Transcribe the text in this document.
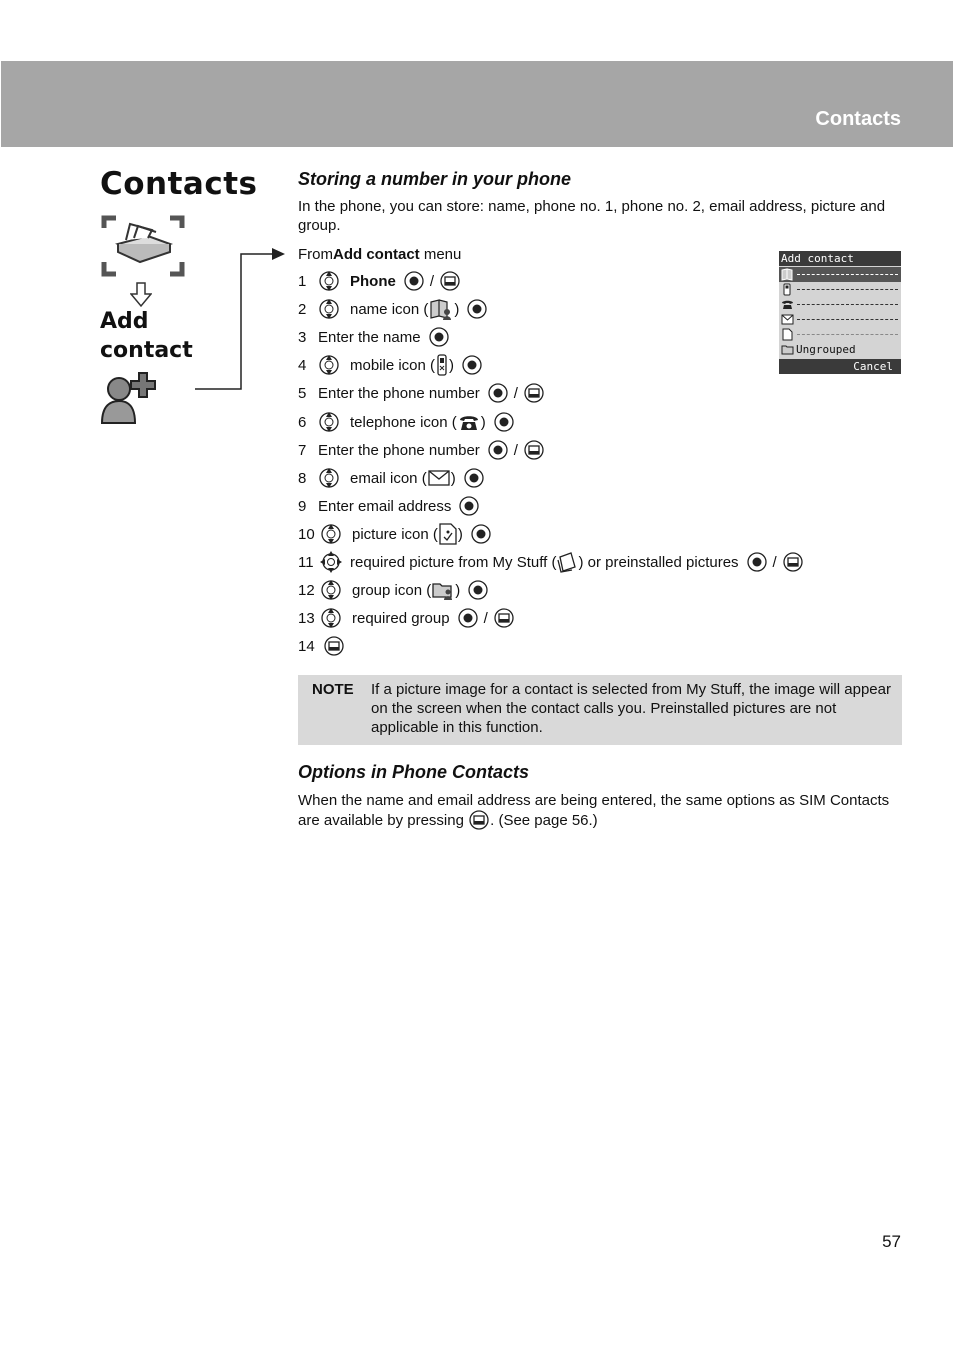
Contacts
Contacts
Add contact
Storing a number in your phone
In the phone, you can store: name, phone no. 1, phone no. 2, email address, picture and group.
From Add contact menu
1	Phone /
2	name icon ( )
3 Enter the name
4	mobile icon ( )
5 Enter the phone number /
6	telephone icon ( )
7 Enter the phone number /
8	email icon ( )
9 Enter email address
10	picture icon ( )
11	required picture from My Stuff ( ) or preinstalled pictures /
12	group icon ( )
13	required group /
14
Add contact
Ungrouped
Cancel
NOTE If a picture image for a contact is selected from My Stuff, the image will appear on the screen when the contact calls you. Preinstalled pictures are not applicable in this function.
Options in Phone Contacts
When the name and email address are being entered, the same options as SIM Contacts are available by pressing . (See page 56.)
57
